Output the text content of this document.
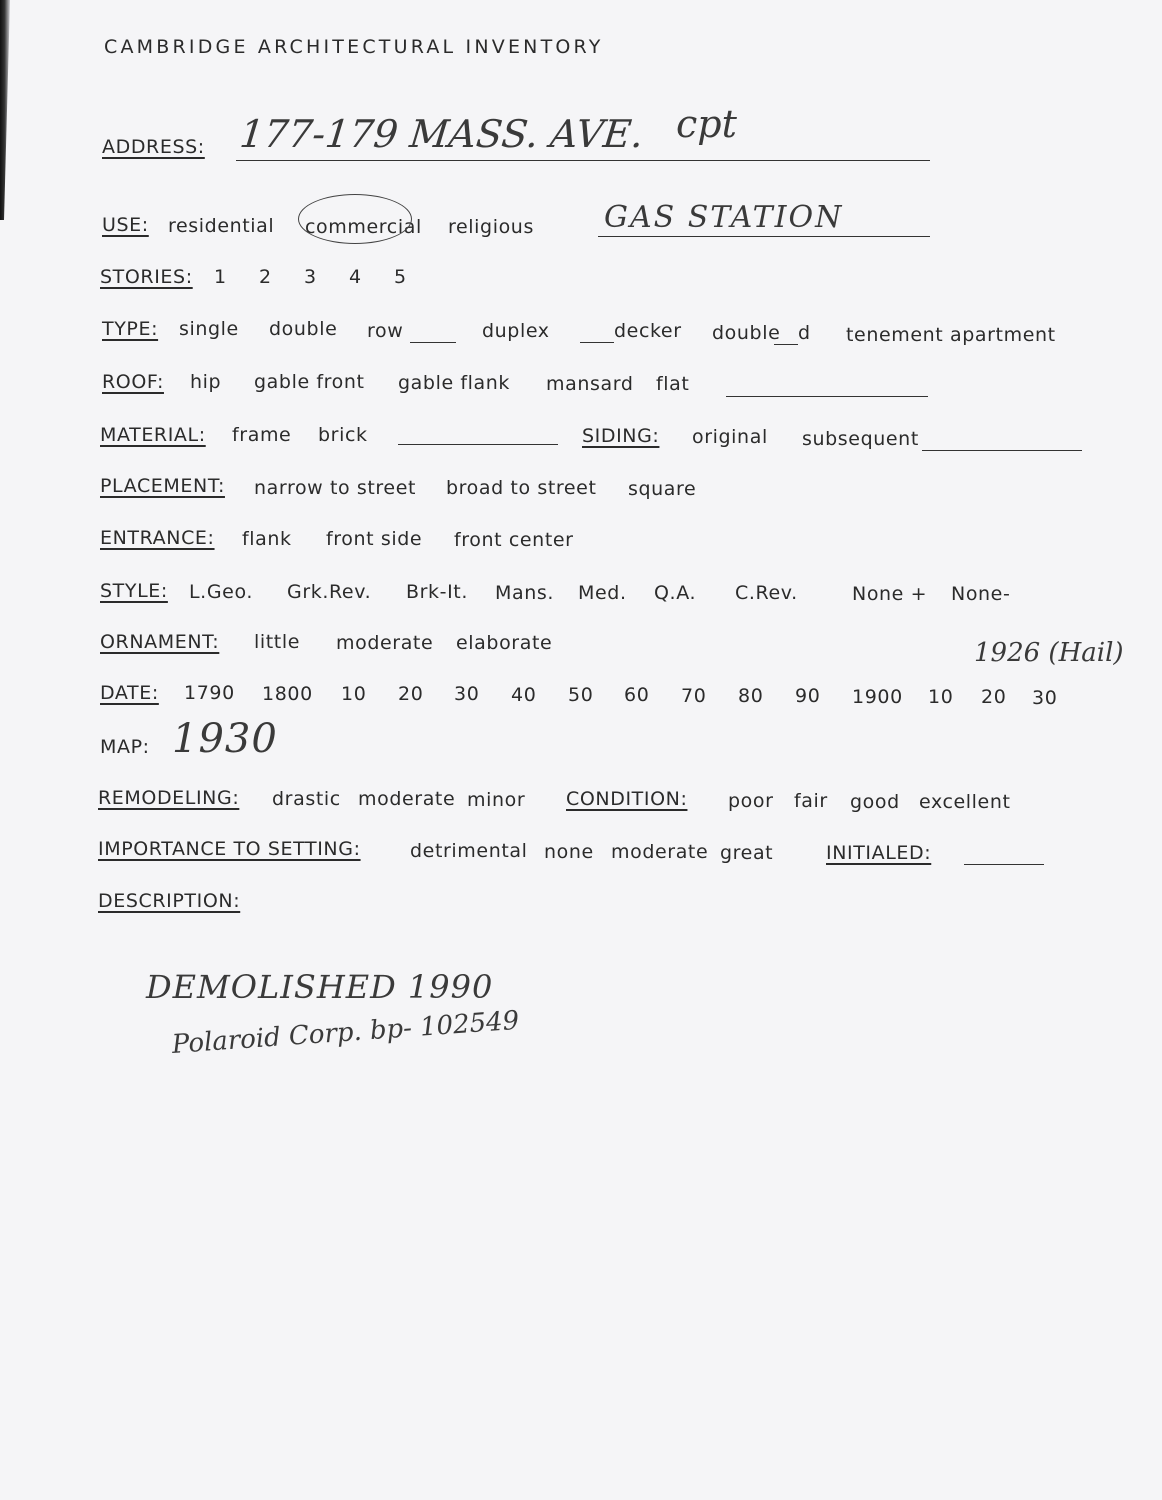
CAMBRIDGE ARCHITECTURAL INVENTORY
ADDRESS: 177-179 MASS. AVE. cpt
USE: residential commercial religious GAS STATION
STORIES: 1 2 3 4 5
TYPE: single double row	duplex	decker double d tenement apartment
ROOF: hip gable front gable flank mansard flat
MATERIAL: frame brick	SIDING: original subsequent
PLACEMENT: narrow to street broad to street square
ENTRANCE: flank front side front center
STYLE: L.Geo. Grk.Rev. Brk-It. Mans. Med. Q.A. C.Rev.	None + None-
ORNAMENT: little moderate elaborate	1926 (Hail)
DATE: 1790 1800 10 20 30 40 50 60 70 80 90 1900 10 20 30
MAP: 1930
REMODELING: drastic moderate minor CONDITION: poor fair good excellent
IMPORTANCE TO SETTING:	detrimental none moderate great	INITIALED:
DESCRIPTION:
DEMOLISHED 1990
Polaroid Corp. bp- 102549
